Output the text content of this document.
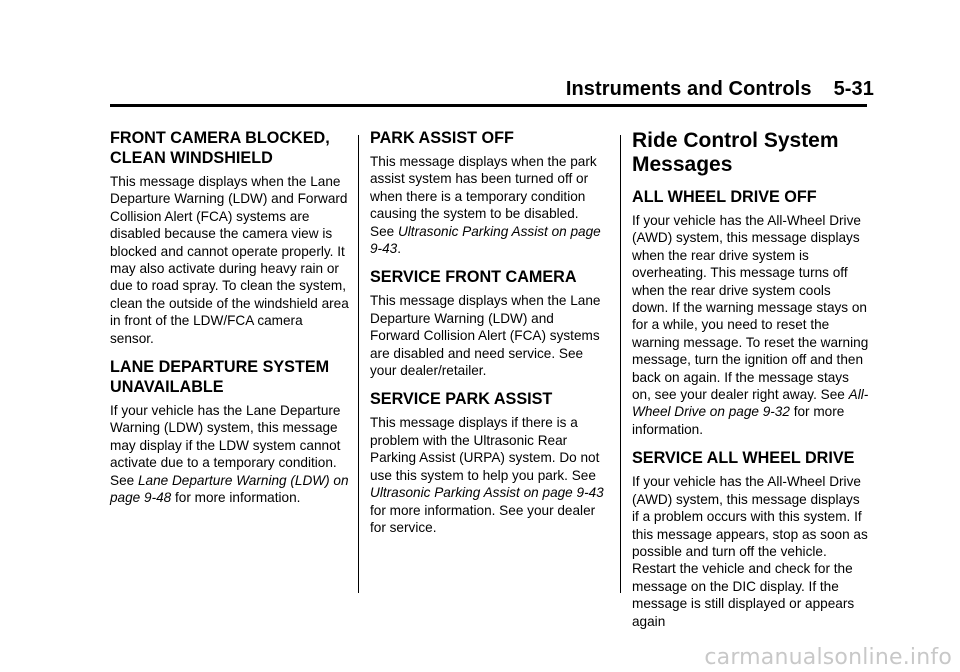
Instruments and Controls 5-31
FRONT CAMERA BLOCKED, CLEAN WINDSHIELD

This message displays when the Lane Departure Warning (LDW) and Forward Collision Alert (FCA) systems are disabled because the camera view is blocked and cannot operate properly. It may also activate during heavy rain or due to road spray. To clean the system, clean the outside of the windshield area in front of the LDW/FCA camera sensor.

LANE DEPARTURE SYSTEM UNAVAILABLE

If your vehicle has the Lane Departure Warning (LDW) system, this message may display if the LDW system cannot activate due to a temporary condition. See Lane Departure Warning (LDW) on page 9-48 for more information.

PARK ASSIST OFF

This message displays when the park assist system has been turned off or when there is a temporary condition causing the system to be disabled. See Ultrasonic Parking Assist on page 9-43.

SERVICE FRONT CAMERA

This message displays when the Lane Departure Warning (LDW) and Forward Collision Alert (FCA) systems are disabled and need service. See your dealer/retailer.

SERVICE PARK ASSIST

This message displays if there is a problem with the Ultrasonic Rear Parking Assist (URPA) system. Do not use this system to help you park. See Ultrasonic Parking Assist on page 9-43 for more information. See your dealer for service.

Ride Control System Messages
ALL WHEEL DRIVE OFF

If your vehicle has the All-Wheel Drive (AWD) system, this message displays when the rear drive system is overheating. This message turns off when the rear drive system cools down. If the warning message stays on for a while, you need to reset the warning message. To reset the warning message, turn the ignition off and then back on again. If the message stays on, see your dealer right away. See All-Wheel Drive on page 9-32 for more information.

SERVICE ALL WHEEL DRIVE

If your vehicle has the All-Wheel Drive (AWD) system, this message displays if a problem occurs with this system. If this message appears, stop as soon as possible and turn off the vehicle. Restart the vehicle and check for the message on the DIC display. If the message is still displayed or appears again

carmanualsonline.info
